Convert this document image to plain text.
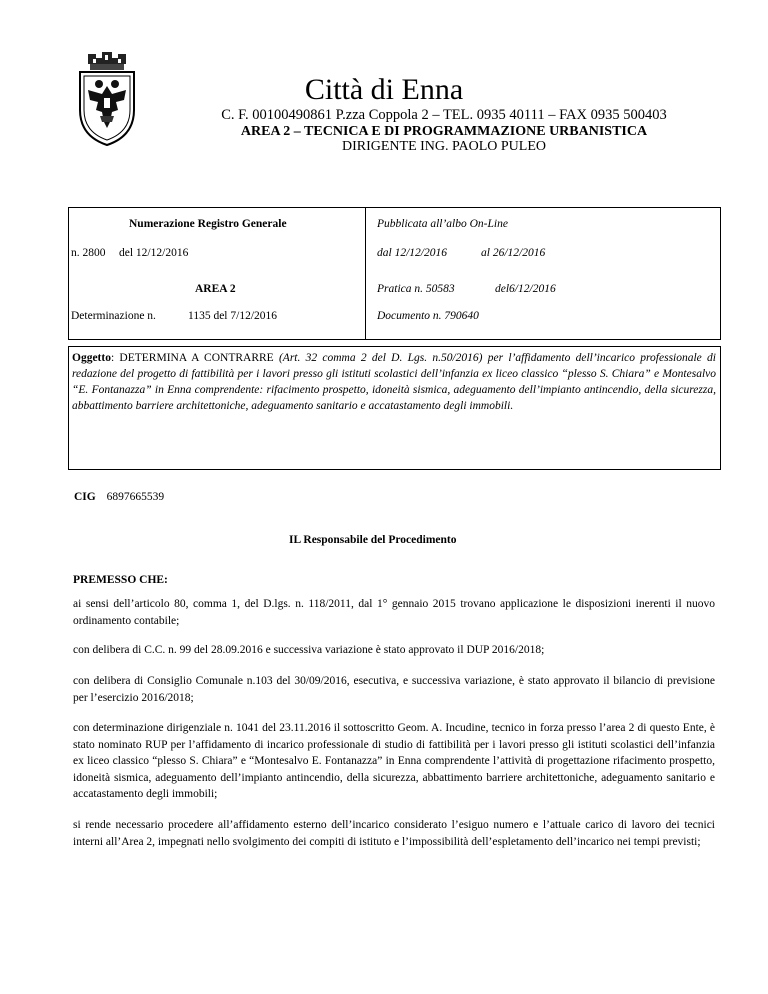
Città di Enna
C. F. 00100490861 P.zza Coppola 2 – TEL. 0935 40111 – FAX 0935 500403
AREA 2 – TECNICA E DI PROGRAMMAZIONE URBANISTICA
DIRIGENTE ING. PAOLO PULEO
Numerazione Registro Generale
n. 2800 del 12/12/2016
AREA 2
Determinazione n.	1135 del 7/12/2016
Pubblicata all’albo On-Line
dal 12/12/2016	al 26/12/2016
Pratica n. 50583	del6/12/2016
Documento n. 790640
Oggetto: DETERMINA A CONTRARRE (Art. 32 comma 2 del D. Lgs. n.50/2016) per l’affidamento dell’incarico professionale di redazione del progetto di fattibilità per i lavori presso gli istituti scolastici dell’infanzia ex liceo classico “plesso S. Chiara” e Montesalvo “E. Fontanazza” in Enna comprendente: rifacimento prospetto, idoneità sismica, adeguamento dell’impianto antincendio, della sicurezza, abbattimento barriere architettoniche, adeguamento sanitario e accatastamento degli immobili.
CIG 6897665539
IL Responsabile del Procedimento
PREMESSO CHE:
ai sensi dell’articolo 80, comma 1, del D.lgs. n. 118/2011, dal 1° gennaio 2015 trovano applicazione le disposizioni inerenti il nuovo ordinamento contabile;
con delibera di C.C. n. 99 del 28.09.2016 e successiva variazione è stato approvato il DUP 2016/2018;
con delibera di Consiglio Comunale n.103 del 30/09/2016, esecutiva, e successiva variazione, è stato approvato il bilancio di previsione per l’esercizio 2016/2018;
con determinazione dirigenziale n. 1041 del 23.11.2016 il sottoscritto Geom. A. Incudine, tecnico in forza presso l’area 2 di questo Ente, è stato nominato RUP per l’affidamento di incarico professionale di studio di fattibilità per i lavori presso gli istituti scolastici dell’infanzia ex liceo classico “plesso S. Chiara” e “Montesalvo E. Fontanazza” in Enna comprendente l’attività di progettazione rifacimento prospetto, idoneità sismica, adeguamento dell’impianto antincendio, della sicurezza, abbattimento barriere architettoniche, adeguamento sanitario e accatastamento degli immobili;
si rende necessario procedere all’affidamento esterno dell’incarico considerato l’esiguo numero e l’attuale carico di lavoro dei tecnici interni all’Area 2, impegnati nello svolgimento dei compiti di istituto e l’impossibilità dell’espletamento dell’incarico nei tempi previsti;
